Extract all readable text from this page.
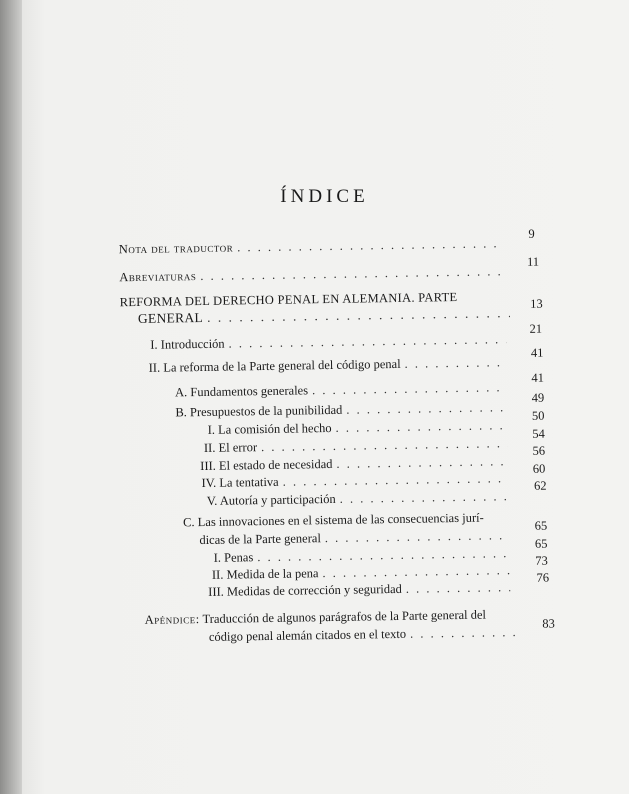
ÍNDICE
Nota del traductor
. . .
9
Abreviaturas
. . .
11
REFORMA DEL DERECHO PENAL EN ALEMANIA. PARTE
GENERAL
. . .
13
I. Introducción
. . .
21
II. La reforma de la Parte general del código penal
. . .
41
A. Fundamentos generales
. . .
41
B. Presupuestos de la punibilidad
. . .
49
I. La comisión del hecho
. . .
50
II. El error
. . .
54
III. El estado de necesidad
. . .
56
IV. La tentativa
. . .
60
V. Autoría y participación
. . .
62
C. Las innovaciones en el sistema de las consecuencias jurí-
dicas de la Parte general
. . .
65
I. Penas
. . .
65
II. Medida de la pena
. . .
73
III. Medidas de corrección y seguridad
. . .
76
Apéndice: Traducción de algunos parágrafos de la Parte general del
código penal alemán citados en el texto
. . .
83
